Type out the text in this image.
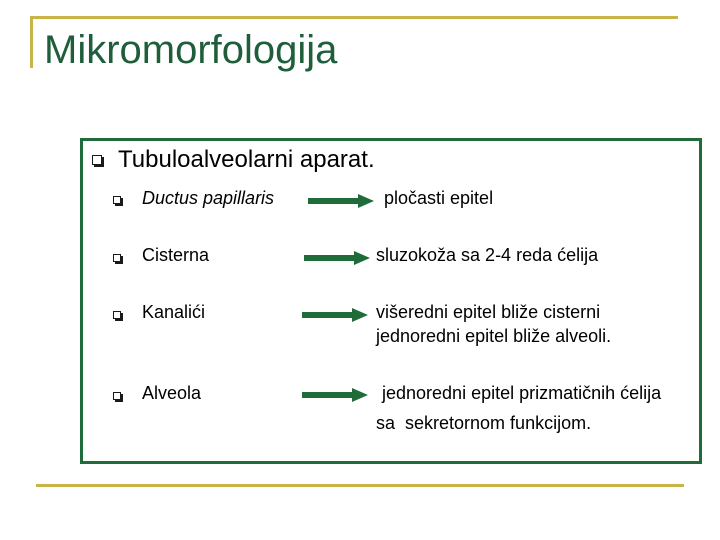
Mikromorfologija
Tubuloalveolarni aparat.
Ductus papillaris	pločasti epitel
Cisterna	sluzokoža sa 2-4 reda ćelija
Kanalići	višeredni epitel bliže cisterni
jednoredni epitel bliže alveoli.
Alveola	jednoredni epitel prizmatičnih ćelija
sa  sekretornom funkcijom.
